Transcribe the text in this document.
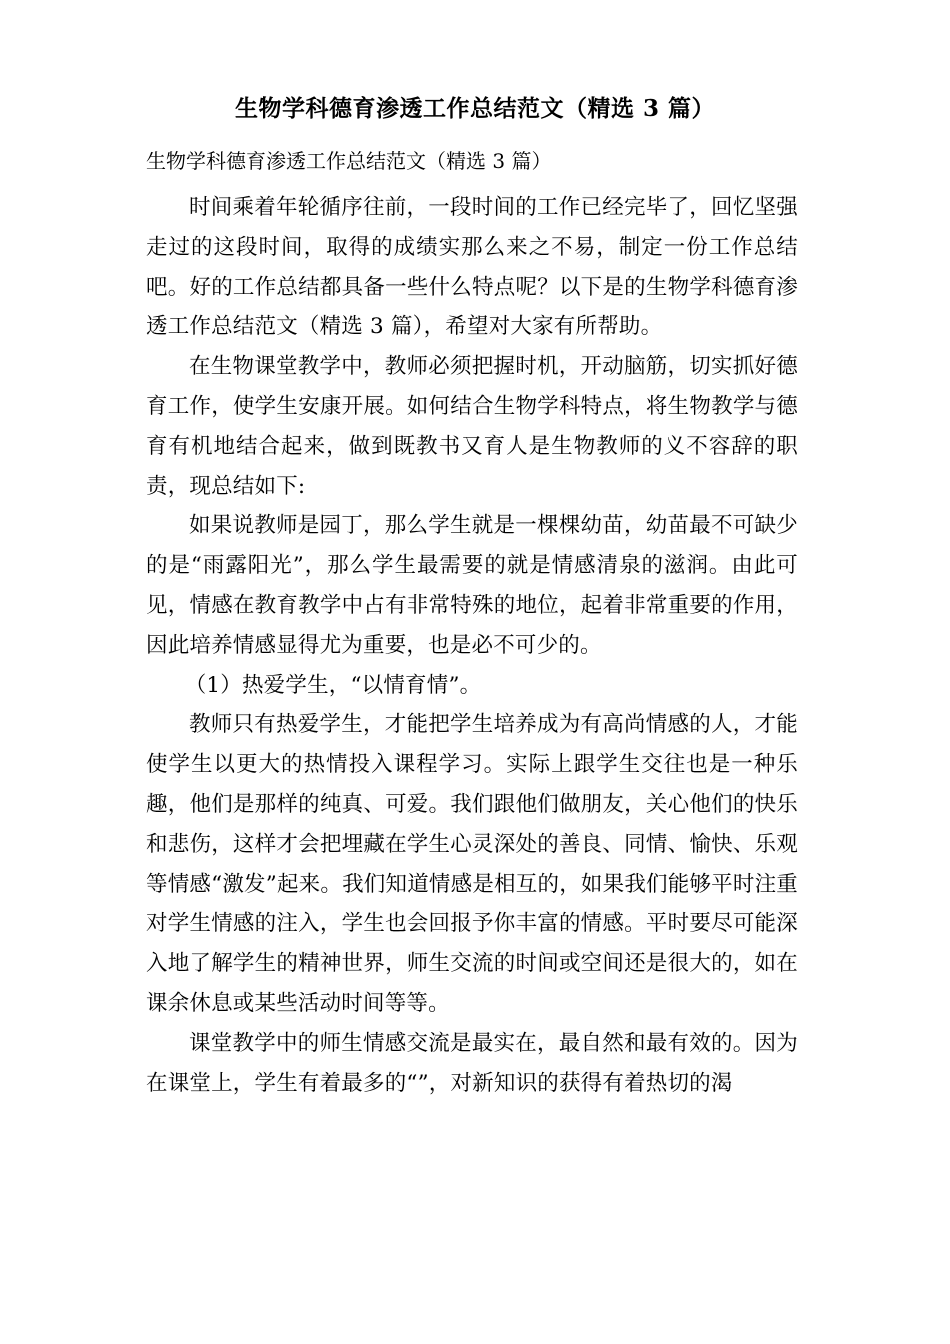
生物学科德育渗透工作总结范文（精选 3 篇）

生物学科德育渗透工作总结范文（精选 3 篇）

时间乘着年轮循序往前，一段时间的工作已经完毕了，回忆坚强走过的这段时间，取得的成绩实那么来之不易，制定一份工作总结吧。好的工作总结都具备一些什么特点呢？以下是的生物学科德育渗透工作总结范文（精选 3 篇），希望对大家有所帮助。

在生物课堂教学中，教师必须把握时机，开动脑筋，切实抓好德育工作，使学生安康开展。如何结合生物学科特点，将生物教学与德育有机地结合起来，做到既教书又育人是生物教师的义不容辞的职责，现总结如下:

如果说教师是园丁，那么学生就是一棵棵幼苗，幼苗最不可缺少的是“雨露阳光”，那么学生最需要的就是情感清泉的滋润。由此可见，情感在教育教学中占有非常特殊的地位，起着非常重要的作用，因此培养情感显得尤为重要，也是必不可少的。

（1）热爱学生，“以情育情”。

教师只有热爱学生，才能把学生培养成为有高尚情感的人，才能使学生以更大的热情投入课程学习。实际上跟学生交往也是一种乐趣，他们是那样的纯真、可爱。我们跟他们做朋友，关心他们的快乐和悲伤，这样才会把埋藏在学生心灵深处的善良、同情、愉快、乐观等情感“激发”起来。我们知道情感是相互的，如果我们能够平时注重对学生情感的注入，学生也会回报予你丰富的情感。平时要尽可能深入地了解学生的精神世界，师生交流的时间或空间还是很大的，如在课余休息或某些活动时间等等。

课堂教学中的师生情感交流是最实在，最自然和最有效的。因为在课堂上，学生有着最多的“”，对新知识的获得有着热切的渴
